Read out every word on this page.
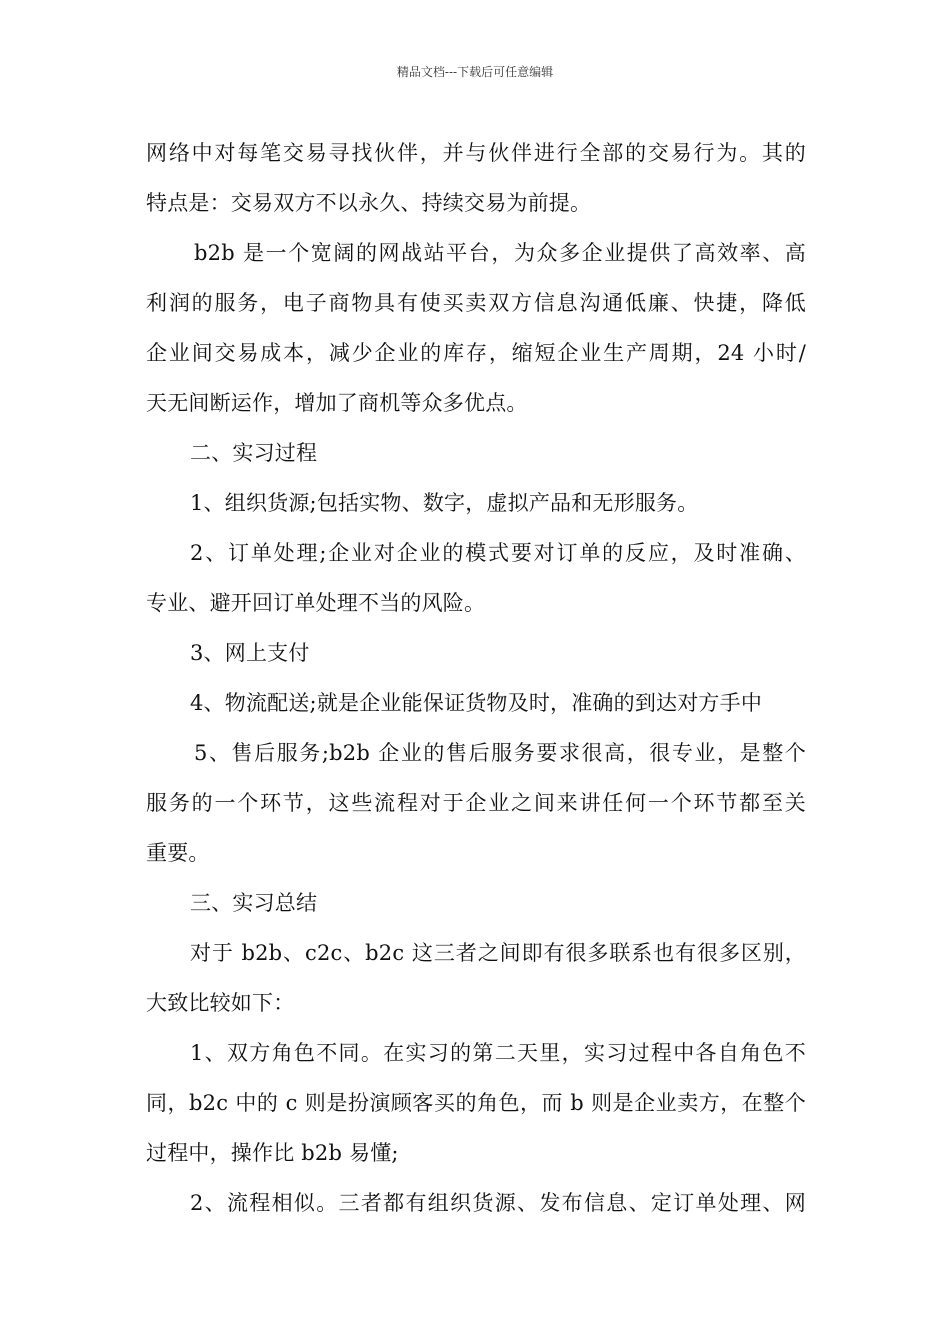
精品文档---下载后可任意编辑
网络中对每笔交易寻找伙伴，并与伙伴进行全部的交易行为。其的
特点是：交易双方不以永久、持续交易为前提。
b2b 是一个宽阔的网战站平台，为众多企业提供了高效率、高
利润的服务，电子商物具有使买卖双方信息沟通低廉、快捷，降低
企业间交易成本，减少企业的库存，缩短企业生产周期，24 小时/
天无间断运作，增加了商机等众多优点。
二、实习过程
1、组织货源;包括实物、数字，虚拟产品和无形服务。
2、订单处理;企业对企业的模式要对订单的反应，及时准确、
专业、避开回订单处理不当的风险。
3、网上支付
4、物流配送;就是企业能保证货物及时，准确的到达对方手中
5、售后服务;b2b 企业的售后服务要求很高，很专业，是整个
服务的一个环节，这些流程对于企业之间来讲任何一个环节都至关
重要。
三、实习总结
对于 b2b、c2c、b2c 这三者之间即有很多联系也有很多区别，
大致比较如下：
1、双方角色不同。在实习的第二天里，实习过程中各自角色不
同，b2c 中的 c 则是扮演顾客买的角色，而 b 则是企业卖方，在整个
过程中，操作比 b2b 易懂;
2、流程相似。三者都有组织货源、发布信息、定订单处理、网
